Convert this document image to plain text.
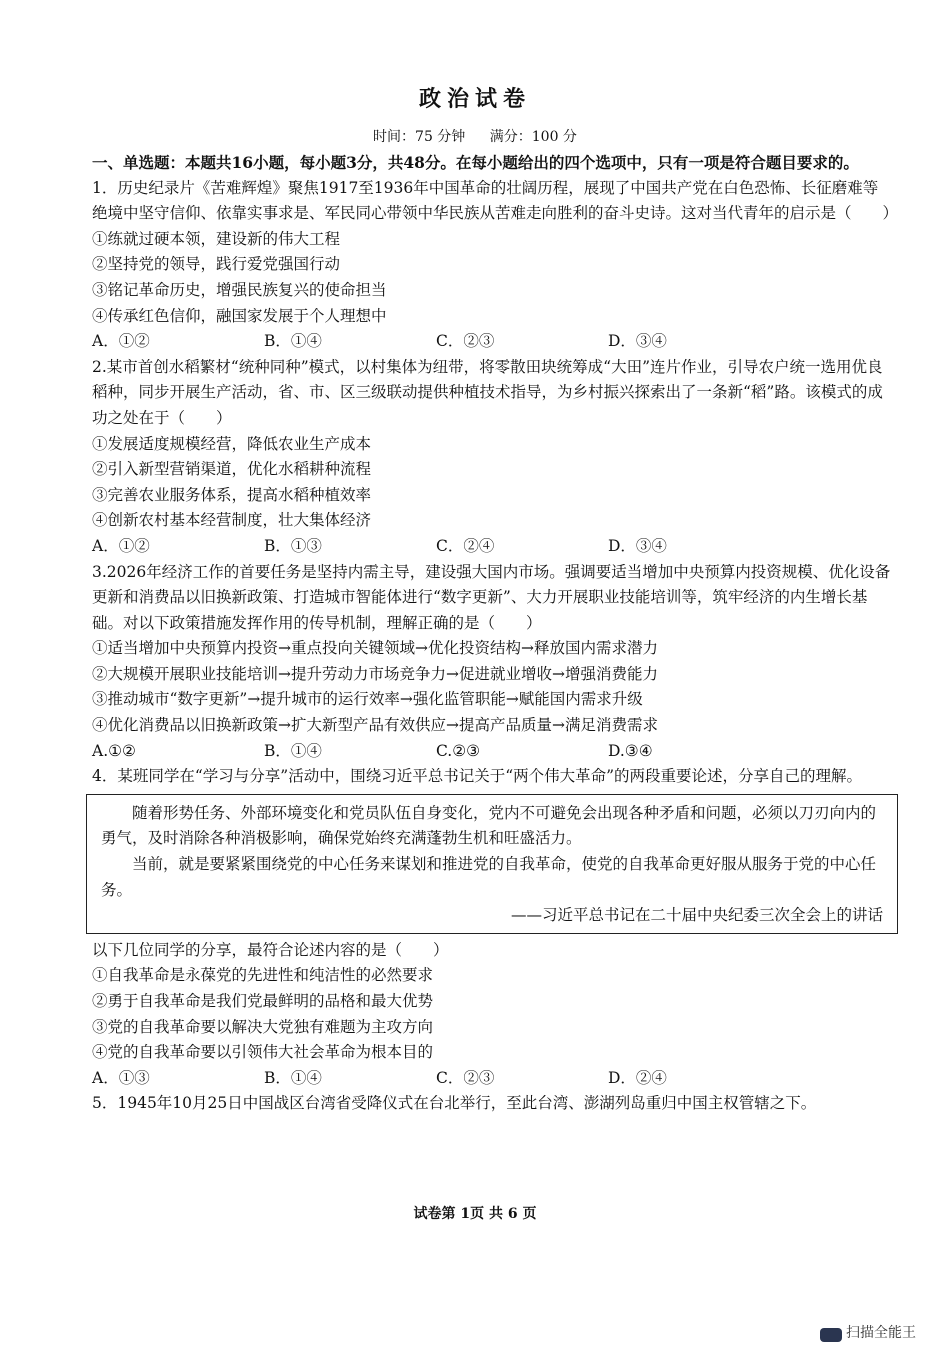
政治试卷
时间：75 分钟 满分：100 分

一、单选题：本题共16小题，每小题3分，共48分。在每小题给出的四个选项中，只有一项是符合题目要求的。

1．历史纪录片《苦难辉煌》聚焦1917至1936年中国革命的壮阔历程，展现了中国共产党在白色恐怖、长征磨难等绝境中坚守信仰、依靠实事求是、军民同心带领中华民族从苦难走向胜利的奋斗史诗。这对当代青年的启示是（　　）

①练就过硬本领，建设新的伟大工程

②坚持党的领导，践行爱党强国行动

③铭记革命历史，增强民族复兴的使命担当

④传承红色信仰，融国家发展于个人理想中

A．①②	B．①④	C．②③	D．③④

2.某市首创水稻繁材“统种同种”模式，以村集体为纽带，将零散田块统筹成“大田”连片作业，引导农户统一选用优良稻种，同步开展生产活动，省、市、区三级联动提供种植技术指导，为乡村振兴探索出了一条新“稻”路。该模式的成功之处在于（　　）

①发展适度规模经营，降低农业生产成本

②引入新型营销渠道，优化水稻耕种流程

③完善农业服务体系，提高水稻种植效率

④创新农村基本经营制度，壮大集体经济

A．①②	B．①③	C．②④	D．③④

3.2026年经济工作的首要任务是坚持内需主导，建设强大国内市场。强调要适当增加中央预算内投资规模、优化设备更新和消费品以旧换新政策、打造城市智能体进行“数字更新”、大力开展职业技能培训等，筑牢经济的内生增长基础。对以下政策措施发挥作用的传导机制，理解正确的是（　　）

①适当增加中央预算内投资→重点投向关键领域→优化投资结构→释放国内需求潜力

②大规模开展职业技能培训→提升劳动力市场竞争力→促进就业增收→增强消费能力

③推动城市“数字更新”→提升城市的运行效率→强化监管职能→赋能国内需求升级

④优化消费品以旧换新政策→扩大新型产品有效供应→提高产品质量→满足消费需求

A.①②	B．①④	C.②③	D.③④

4．某班同学在“学习与分享”活动中，围绕习近平总书记关于“两个伟大革命”的两段重要论述，分享自己的理解。

随着形势任务、外部环境变化和党员队伍自身变化，党内不可避免会出现各种矛盾和问题，必须以刀刃向内的勇气，及时消除各种消极影响，确保党始终充满蓬勃生机和旺盛活力。

当前，就是要紧紧围绕党的中心任务来谋划和推进党的自我革命，使党的自我革命更好服从服务于党的中心任务。

——习近平总书记在二十届中央纪委三次全会上的讲话

以下几位同学的分享，最符合论述内容的是（　　）

①自我革命是永葆党的先进性和纯洁性的必然要求

②勇于自我革命是我们党最鲜明的品格和最大优势

③党的自我革命要以解决大党独有难题为主攻方向

④党的自我革命要以引领伟大社会革命为根本目的

A．①③	B．①④	C．②③	D．②④

5．1945年10月25日中国战区台湾省受降仪式在台北举行，至此台湾、澎湖列岛重归中国主权管辖之下。

试卷第 1页 共 6 页
扫描全能王
